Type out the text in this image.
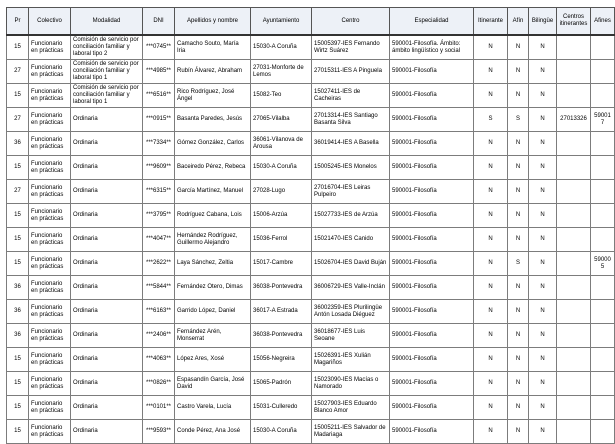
Pr	Colectivo	Modalidad	DNI	Apellidos y nombre	Ayuntamiento	Centro	Especialidad	Itinerante	Afín	Bilingüe	Centros itinerantes	Afines
15	Funcionario en prácticas	Comisión de servicio por conciliación familiar y laboral tipo 2	***0745**	Camacho Souto, María Iria	15030-A Coruña	15005397-IES Fernando Wirtz Suárez	590001-Filosofía. Ámbito: ámbito lingüístico y social	N	N	N		
27	Funcionario en prácticas	Comisión de servicio por conciliación familiar y laboral tipo 1	***4985**	Rubín Álvarez, Abraham	27031-Monforte de Lemos	27015311-IES A Pinguela	590001-Filosofía	N	N	N		
15	Funcionario en prácticas	Comisión de servicio por conciliación familiar y laboral tipo 1	***6516**	Rico Rodríguez, José Ángel	15082-Teo	15027411-IES de Cacheiras	590001-Filosofía	N	N	N		
27	Funcionario en prácticas	Ordinaria	***0915**	Basanta Paredes, Jesús	27065-Vilalba	27013314-IES Santiago Basanta Silva	590001-Filosofía	S	S	N	27013326	590017
36	Funcionario en prácticas	Ordinaria	***7334**	Gómez González, Carlos	36061-Vilanova de Arousa	36019414-IES A Basella	590001-Filosofía	N	N	N		
15	Funcionario en prácticas	Ordinaria	***9609**	Baceiredo Pérez, Rebeca	15030-A Coruña	15005245-IES Monelos	590001-Filosofía	N	N	N		
27	Funcionario en prácticas	Ordinaria	***6315**	García Martínez, Manuel	27028-Lugo	27016704-IES Leiras Pulpeiro	590001-Filosofía	N	N	N		
15	Funcionario en prácticas	Ordinaria	***3795**	Rodríguez Cabana, Lois	15006-Arzúa	15027733-IES de Arzúa	590001-Filosofía	N	N	N		
15	Funcionario en prácticas	Ordinaria	***4047**	Hernández Rodríguez, Guillermo Alejandro	15036-Ferrol	15021470-IES Canido	590001-Filosofía	N	N	N		
15	Funcionario en prácticas	Ordinaria	***2622**	Laya Sánchez, Zeltia	15017-Cambre	15026704-IES David Buján	590001-Filosofía	N	S	N		590005
36	Funcionario en prácticas	Ordinaria	***5844**	Fernández Otero, Dimas	36038-Pontevedra	36006729-IES Valle-Inclán	590001-Filosofía	N	N	N		
36	Funcionario en prácticas	Ordinaria	***6163**	Garrido López, Daniel	36017-A Estrada	36002359-IES Plurilingüe Antón Losada Diéguez	590001-Filosofía	N	N	N		
36	Funcionario en prácticas	Ordinaria	***2406**	Fernández Arén, Monserrat	36038-Pontevedra	36018677-IES Luis Seoane	590001-Filosofía	N	N	N		
15	Funcionario en prácticas	Ordinaria	***4063**	López Ares, Xosé	15056-Negreira	15026391-IES Xulián Magariños	590001-Filosofía	N	N	N		
15	Funcionario en prácticas	Ordinaria	***0826**	Espasandín García, José David	15065-Padrón	15023090-IES Macías o Namorado	590001-Filosofía	N	N	N		
15	Funcionario en prácticas	Ordinaria	***0101**	Castro Varela, Lucía	15031-Culleredo	15027903-IES Eduardo Blanco Amor	590001-Filosofía	N	N	N		
15	Funcionario en prácticas	Ordinaria	***9593**	Conde Pérez, Ana José	15030-A Coruña	15005211-IES Salvador de Madariaga	590001-Filosofía	N	N	N		
